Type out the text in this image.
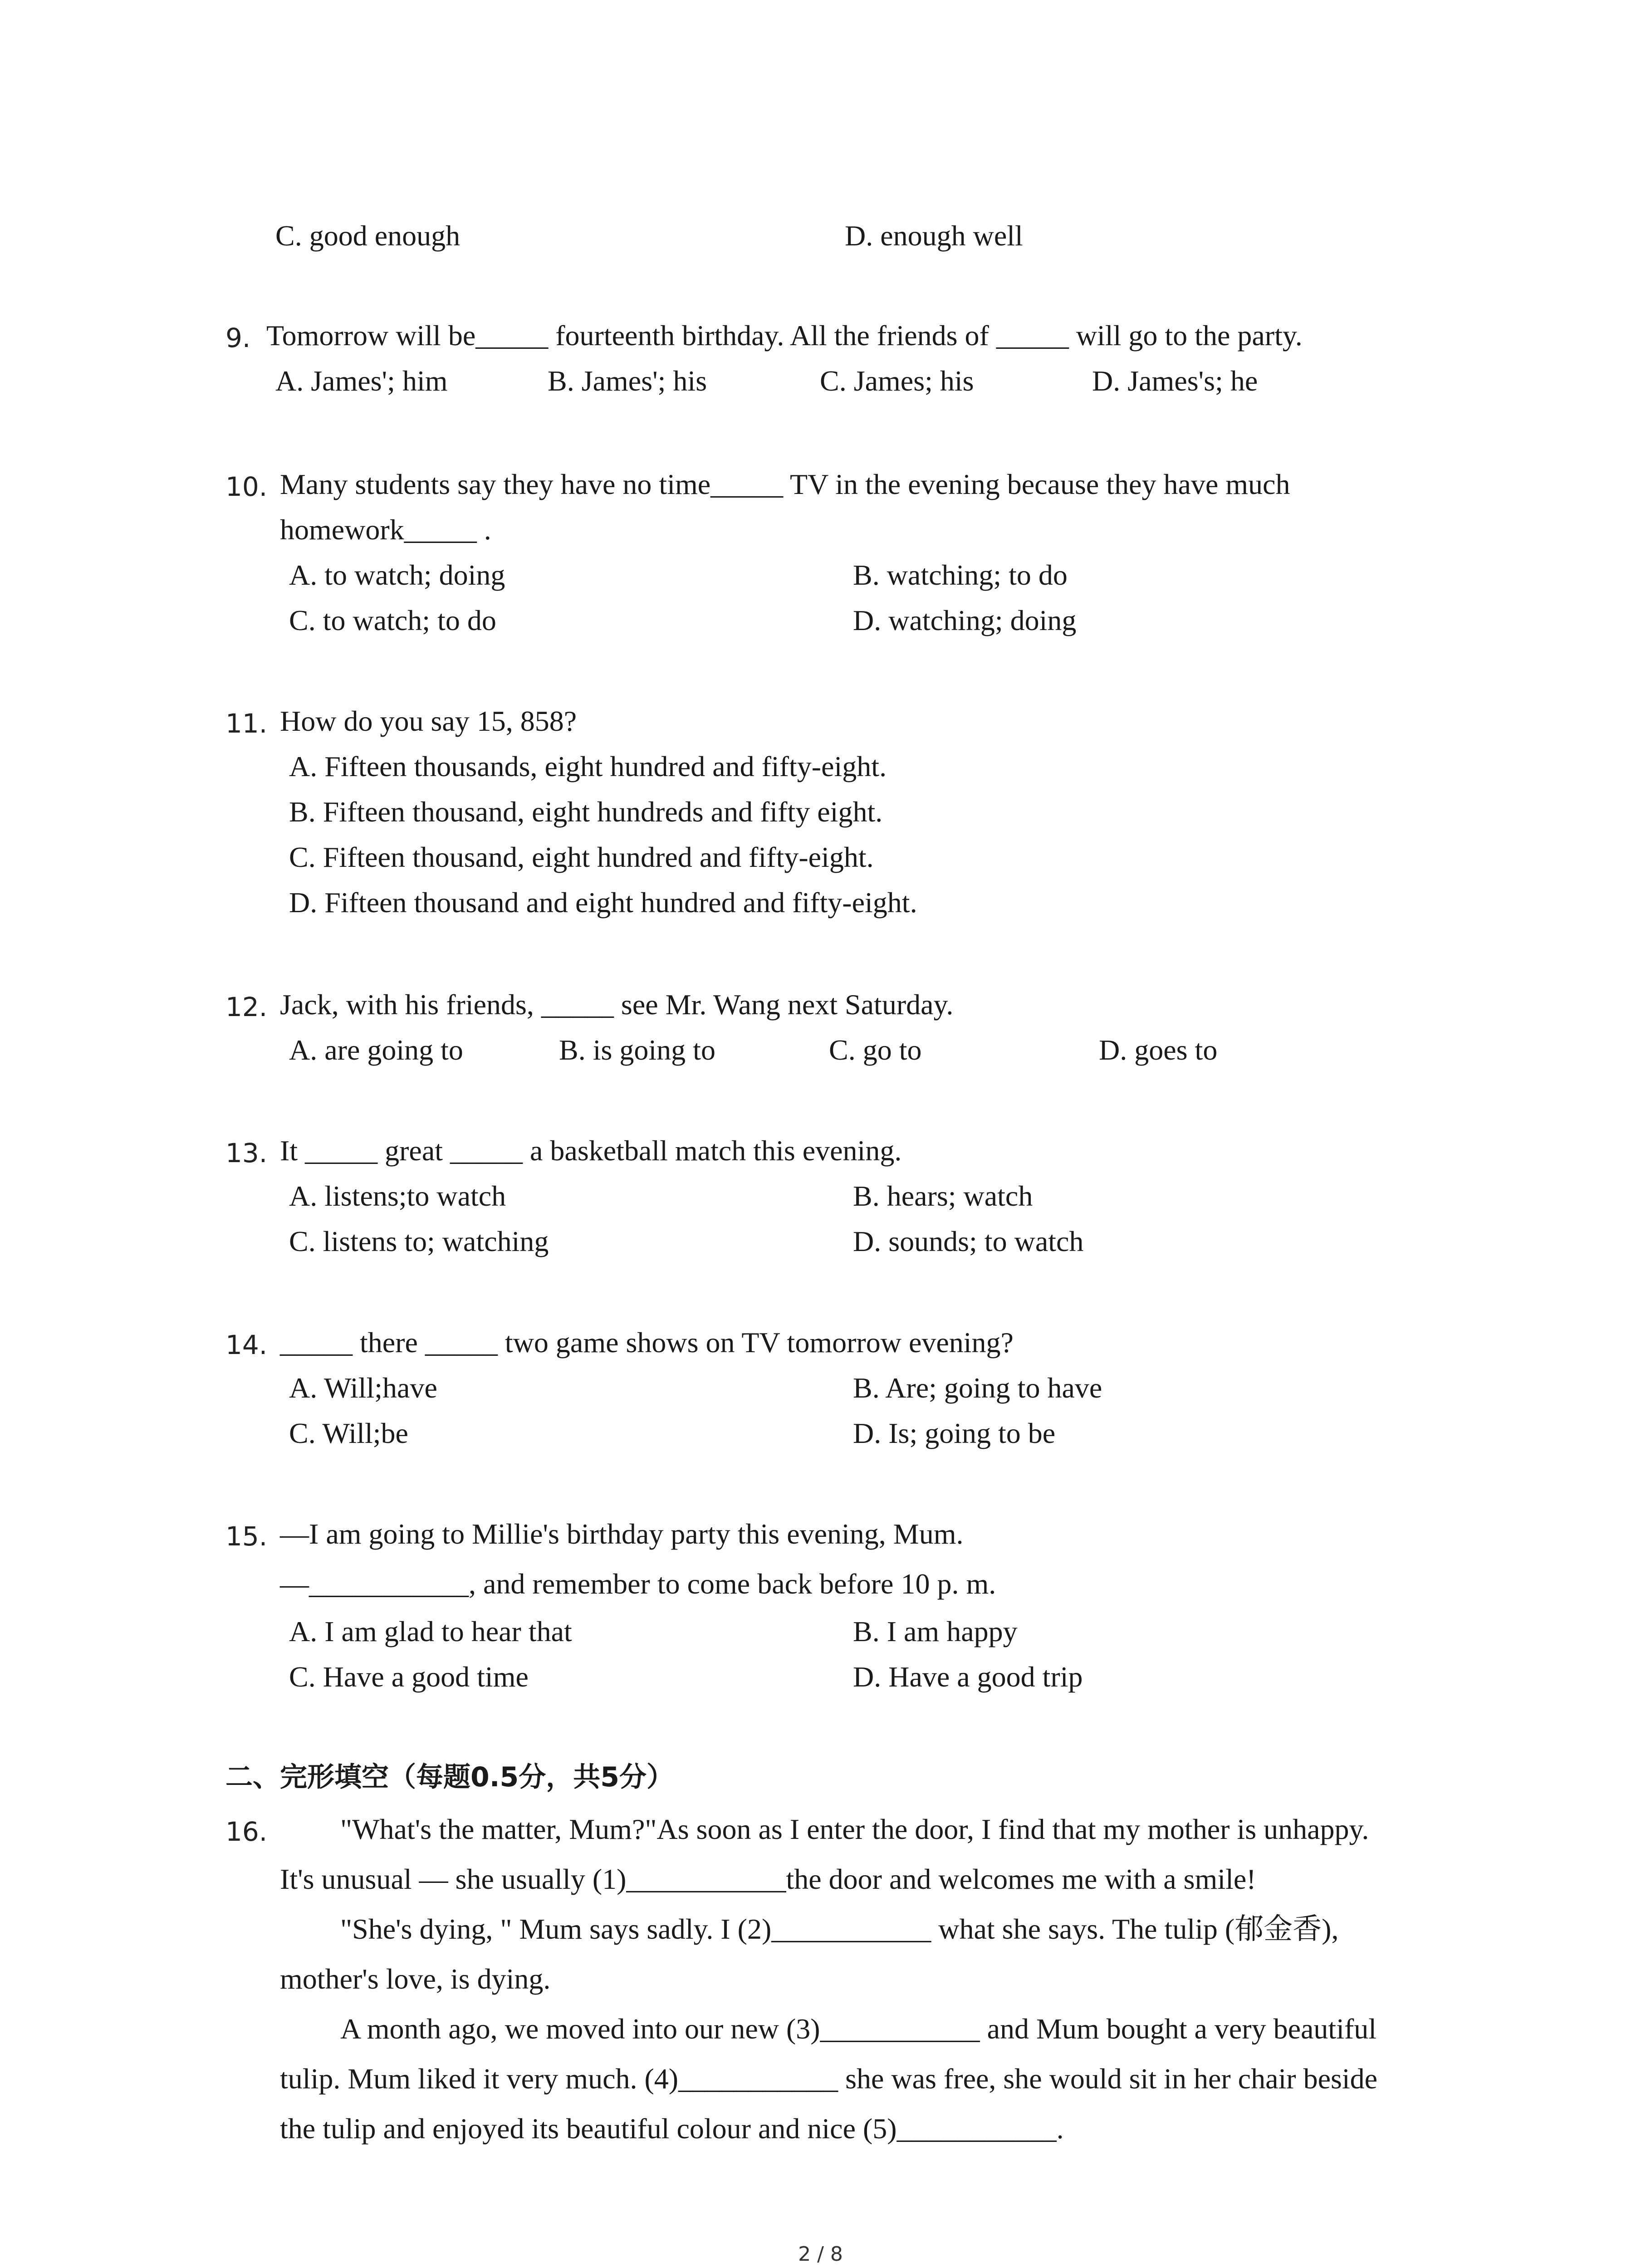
C. good enough	D. enough well
9. Tomorrow will be_____ fourteenth birthday. All the friends of _____ will go to the party.
A. James'; him	B. James'; his	C. James; his	D. James's; he
10. Many students say they have no time_____ TV in the evening because they have much
homework_____ .
A. to watch; doing	B. watching; to do
C. to watch; to do	D. watching; doing
11. How do you say 15, 858?
A. Fifteen thousands, eight hundred and fifty-eight.
B. Fifteen thousand, eight hundreds and fifty eight.
C. Fifteen thousand, eight hundred and fifty-eight.
D. Fifteen thousand and eight hundred and fifty-eight.
12. Jack, with his friends, _____ see Mr. Wang next Saturday.
A. are going to	B. is going to	C. go to	D. goes to
13. It _____ great _____ a basketball match this evening.
A. listens;to watch	B. hears; watch
C. listens to; watching	D. sounds; to watch
14. _____ there _____ two game shows on TV tomorrow evening?
A. Will;have	B. Are; going to have
C. Will;be	D. Is; going to be
15. —I am going to Millie's birthday party this evening, Mum.
—___________, and remember to come back before 10 p. m.
A. I am glad to hear that	B. I am happy
C. Have a good time	D. Have a good trip
二、完形填空（每题0.5分，共5分）
16.	"What's the matter, Mum?"As soon as I enter the door, I find that my mother is unhappy.
It's unusual — she usually (1)___________the door and welcomes me with a smile!
"She's dying, " Mum says sadly. I (2)___________ what she says. The tulip (郁金香),
mother's love, is dying.
A month ago, we moved into our new (3)___________ and Mum bought a very beautiful
tulip. Mum liked it very much. (4)___________ she was free, she would sit in her chair beside
the tulip and enjoyed its beautiful colour and nice (5)___________.
2 / 8
